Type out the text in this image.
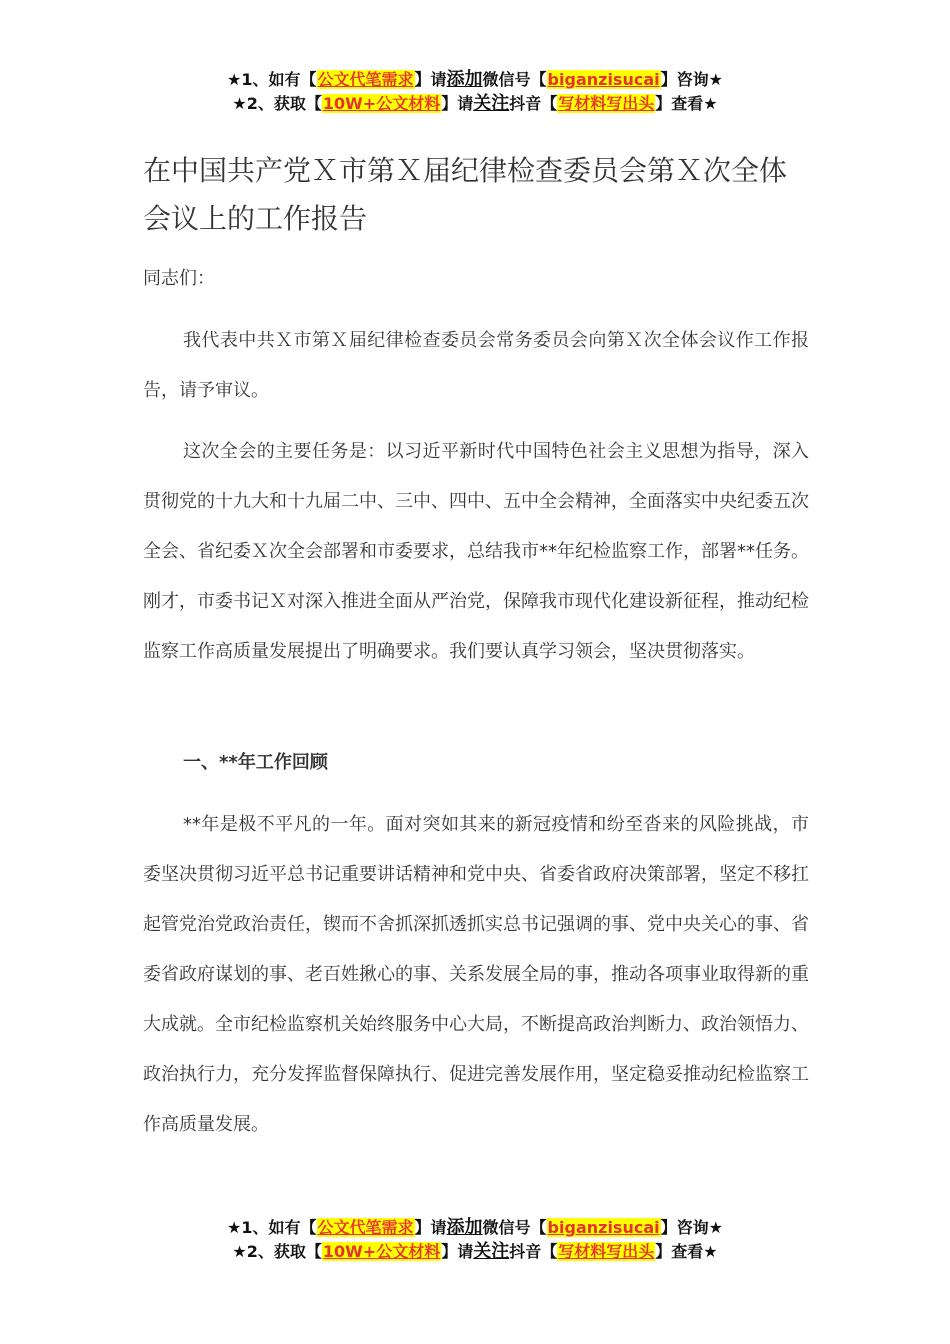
★1、如有【公文代笔需求】请添加微信号【biganzisucai】咨询★
★2、获取【10W+公文材料】请关注抖音【写材料写出头】查看★
在中国共产党Ｘ市第Ｘ届纪律检查委员会第Ｘ次全体会议上的工作报告

同志们：

我代表中共Ｘ市第Ｘ届纪律检查委员会常务委员会向第Ｘ次全体会议作工作报告，请予审议。

这次全会的主要任务是：以习近平新时代中国特色社会主义思想为指导，深入贯彻党的十九大和十九届二中、三中、四中、五中全会精神，全面落实中央纪委五次全会、省纪委Ｘ次全会部署和市委要求，总结我市**年纪检监察工作，部署**任务。刚才，市委书记Ｘ对深入推进全面从严治党，保障我市现代化建设新征程，推动纪检监察工作高质量发展提出了明确要求。我们要认真学习领会，坚决贯彻落实。

一、**年工作回顾

**年是极不平凡的一年。面对突如其来的新冠疫情和纷至沓来的风险挑战，市委坚决贯彻习近平总书记重要讲话精神和党中央、省委省政府决策部署，坚定不移扛起管党治党政治责任，锲而不舍抓深抓透抓实总书记强调的事、党中央关心的事、省委省政府谋划的事、老百姓揪心的事、关系发展全局的事，推动各项事业取得新的重大成就。全市纪检监察机关始终服务中心大局，不断提高政治判断力、政治领悟力、政治执行力，充分发挥监督保障执行、促进完善发展作用，坚定稳妥推动纪检监察工作高质量发展。

★1、如有【公文代笔需求】请添加微信号【biganzisucai】咨询★
★2、获取【10W+公文材料】请关注抖音【写材料写出头】查看★
